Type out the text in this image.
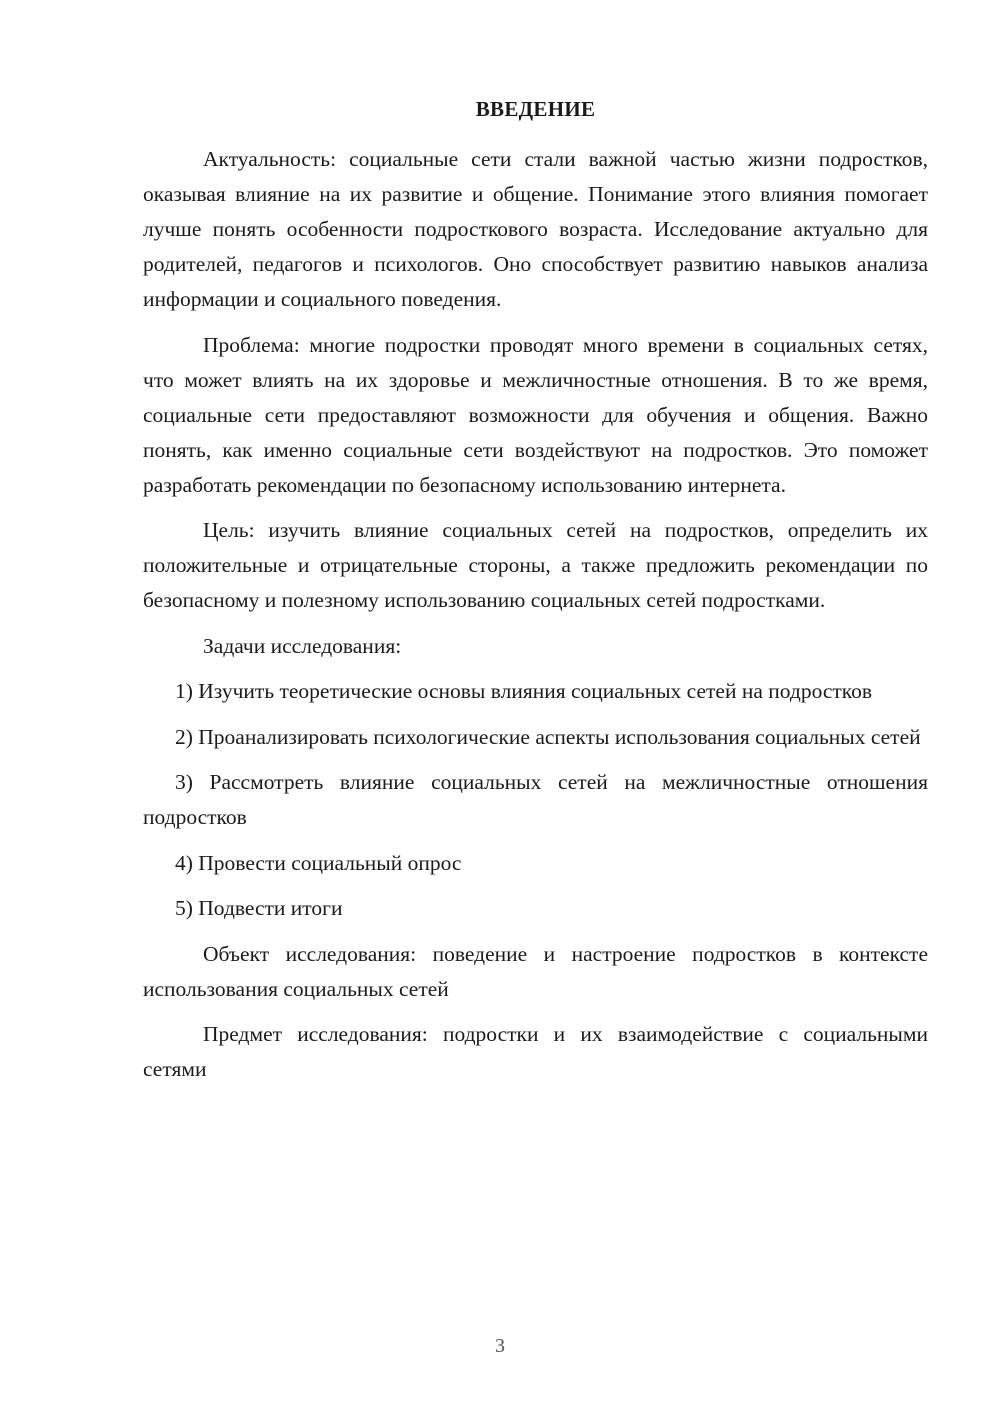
ВВЕДЕНИЕ

Актуальность: социальные сети стали важной частью жизни подростков, оказывая влияние на их развитие и общение. Понимание этого влияния помогает лучше понять особенности подросткового возраста. Исследование актуально для родителей, педагогов и психологов. Оно способствует развитию навыков анализа информации и социального поведения.

Проблема: многие подростки проводят много времени в социальных сетях, что может влиять на их здоровье и межличностные отношения. В то же время, социальные сети предоставляют возможности для обучения и общения. Важно понять, как именно социальные сети воздействуют на подростков. Это поможет разработать рекомендации по безопасному использованию интернета.

Цель: изучить влияние социальных сетей на подростков, определить их положительные и отрицательные стороны, а также предложить рекомендации по безопасному и полезному использованию социальных сетей подростками.

Задачи исследования:

1) Изучить теоретические основы влияния социальных сетей на подростков

2) Проанализировать психологические аспекты использования социальных сетей

3) Рассмотреть влияние социальных сетей на межличностные отношения подростков

4) Провести социальный опрос

5) Подвести итоги

Объект исследования: поведение и настроение подростков в контексте использования социальных сетей

Предмет исследования: подростки и их взаимодействие с социальными сетями

3
